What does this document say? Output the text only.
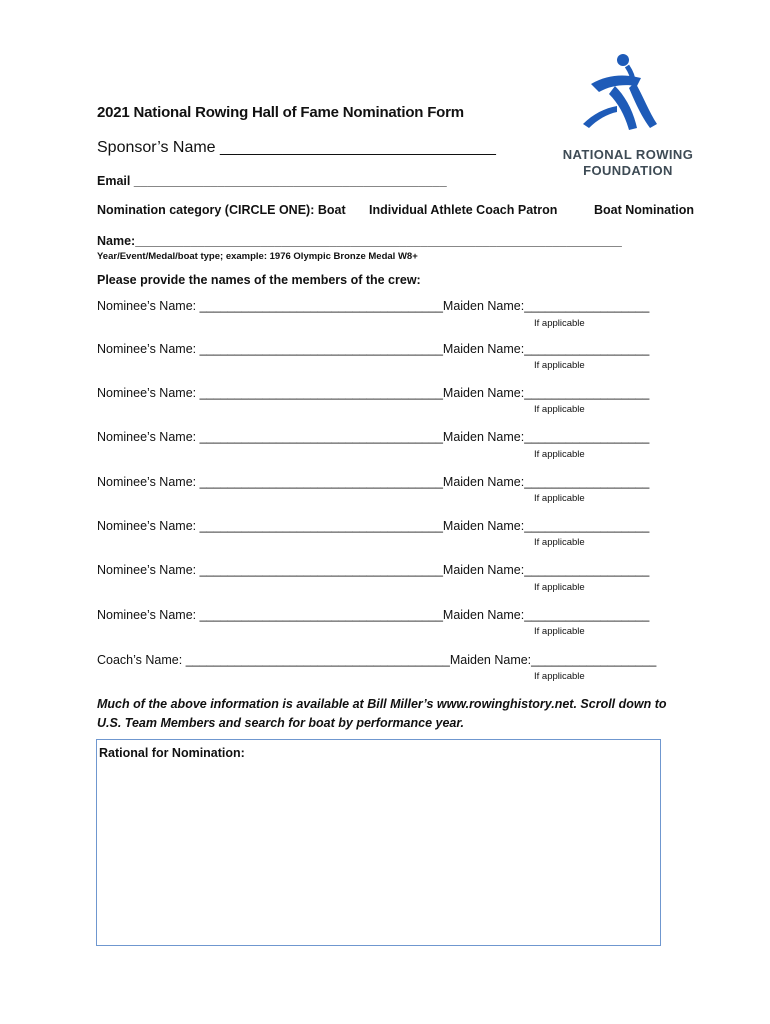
NATIONAL ROWING
FOUNDATION
2021 National Rowing Hall of Fame Nomination Form
Sponsor’s Name _______________________________
Email _____________________________________________
Nomination category (CIRCLE ONE): Boat Individual Athlete Coach Patron	Boat Nomination
Name:______________________________________________________________________
Year/Event/Medal/boat type; example: 1976 Olympic Bronze Medal W8+
Please provide the names of the members of the crew:
Nominee’s Name: ___________________________________Maiden Name:__________________
If applicable
Nominee’s Name: ___________________________________Maiden Name:__________________
If applicable
Nominee’s Name: ___________________________________Maiden Name:__________________
If applicable
Nominee’s Name: ___________________________________Maiden Name:__________________
If applicable
Nominee’s Name: ___________________________________Maiden Name:__________________
If applicable
Nominee’s Name: ___________________________________Maiden Name:__________________
If applicable
Nominee’s Name: ___________________________________Maiden Name:__________________
If applicable
Nominee’s Name: ___________________________________Maiden Name:__________________
If applicable
Coach’s Name: ______________________________________Maiden Name:__________________
If applicable
Much of the above information is available at Bill Miller’s www.rowinghistory.net. Scroll down to
U.S. Team Members and search for boat by performance year.
Rational for Nomination:
